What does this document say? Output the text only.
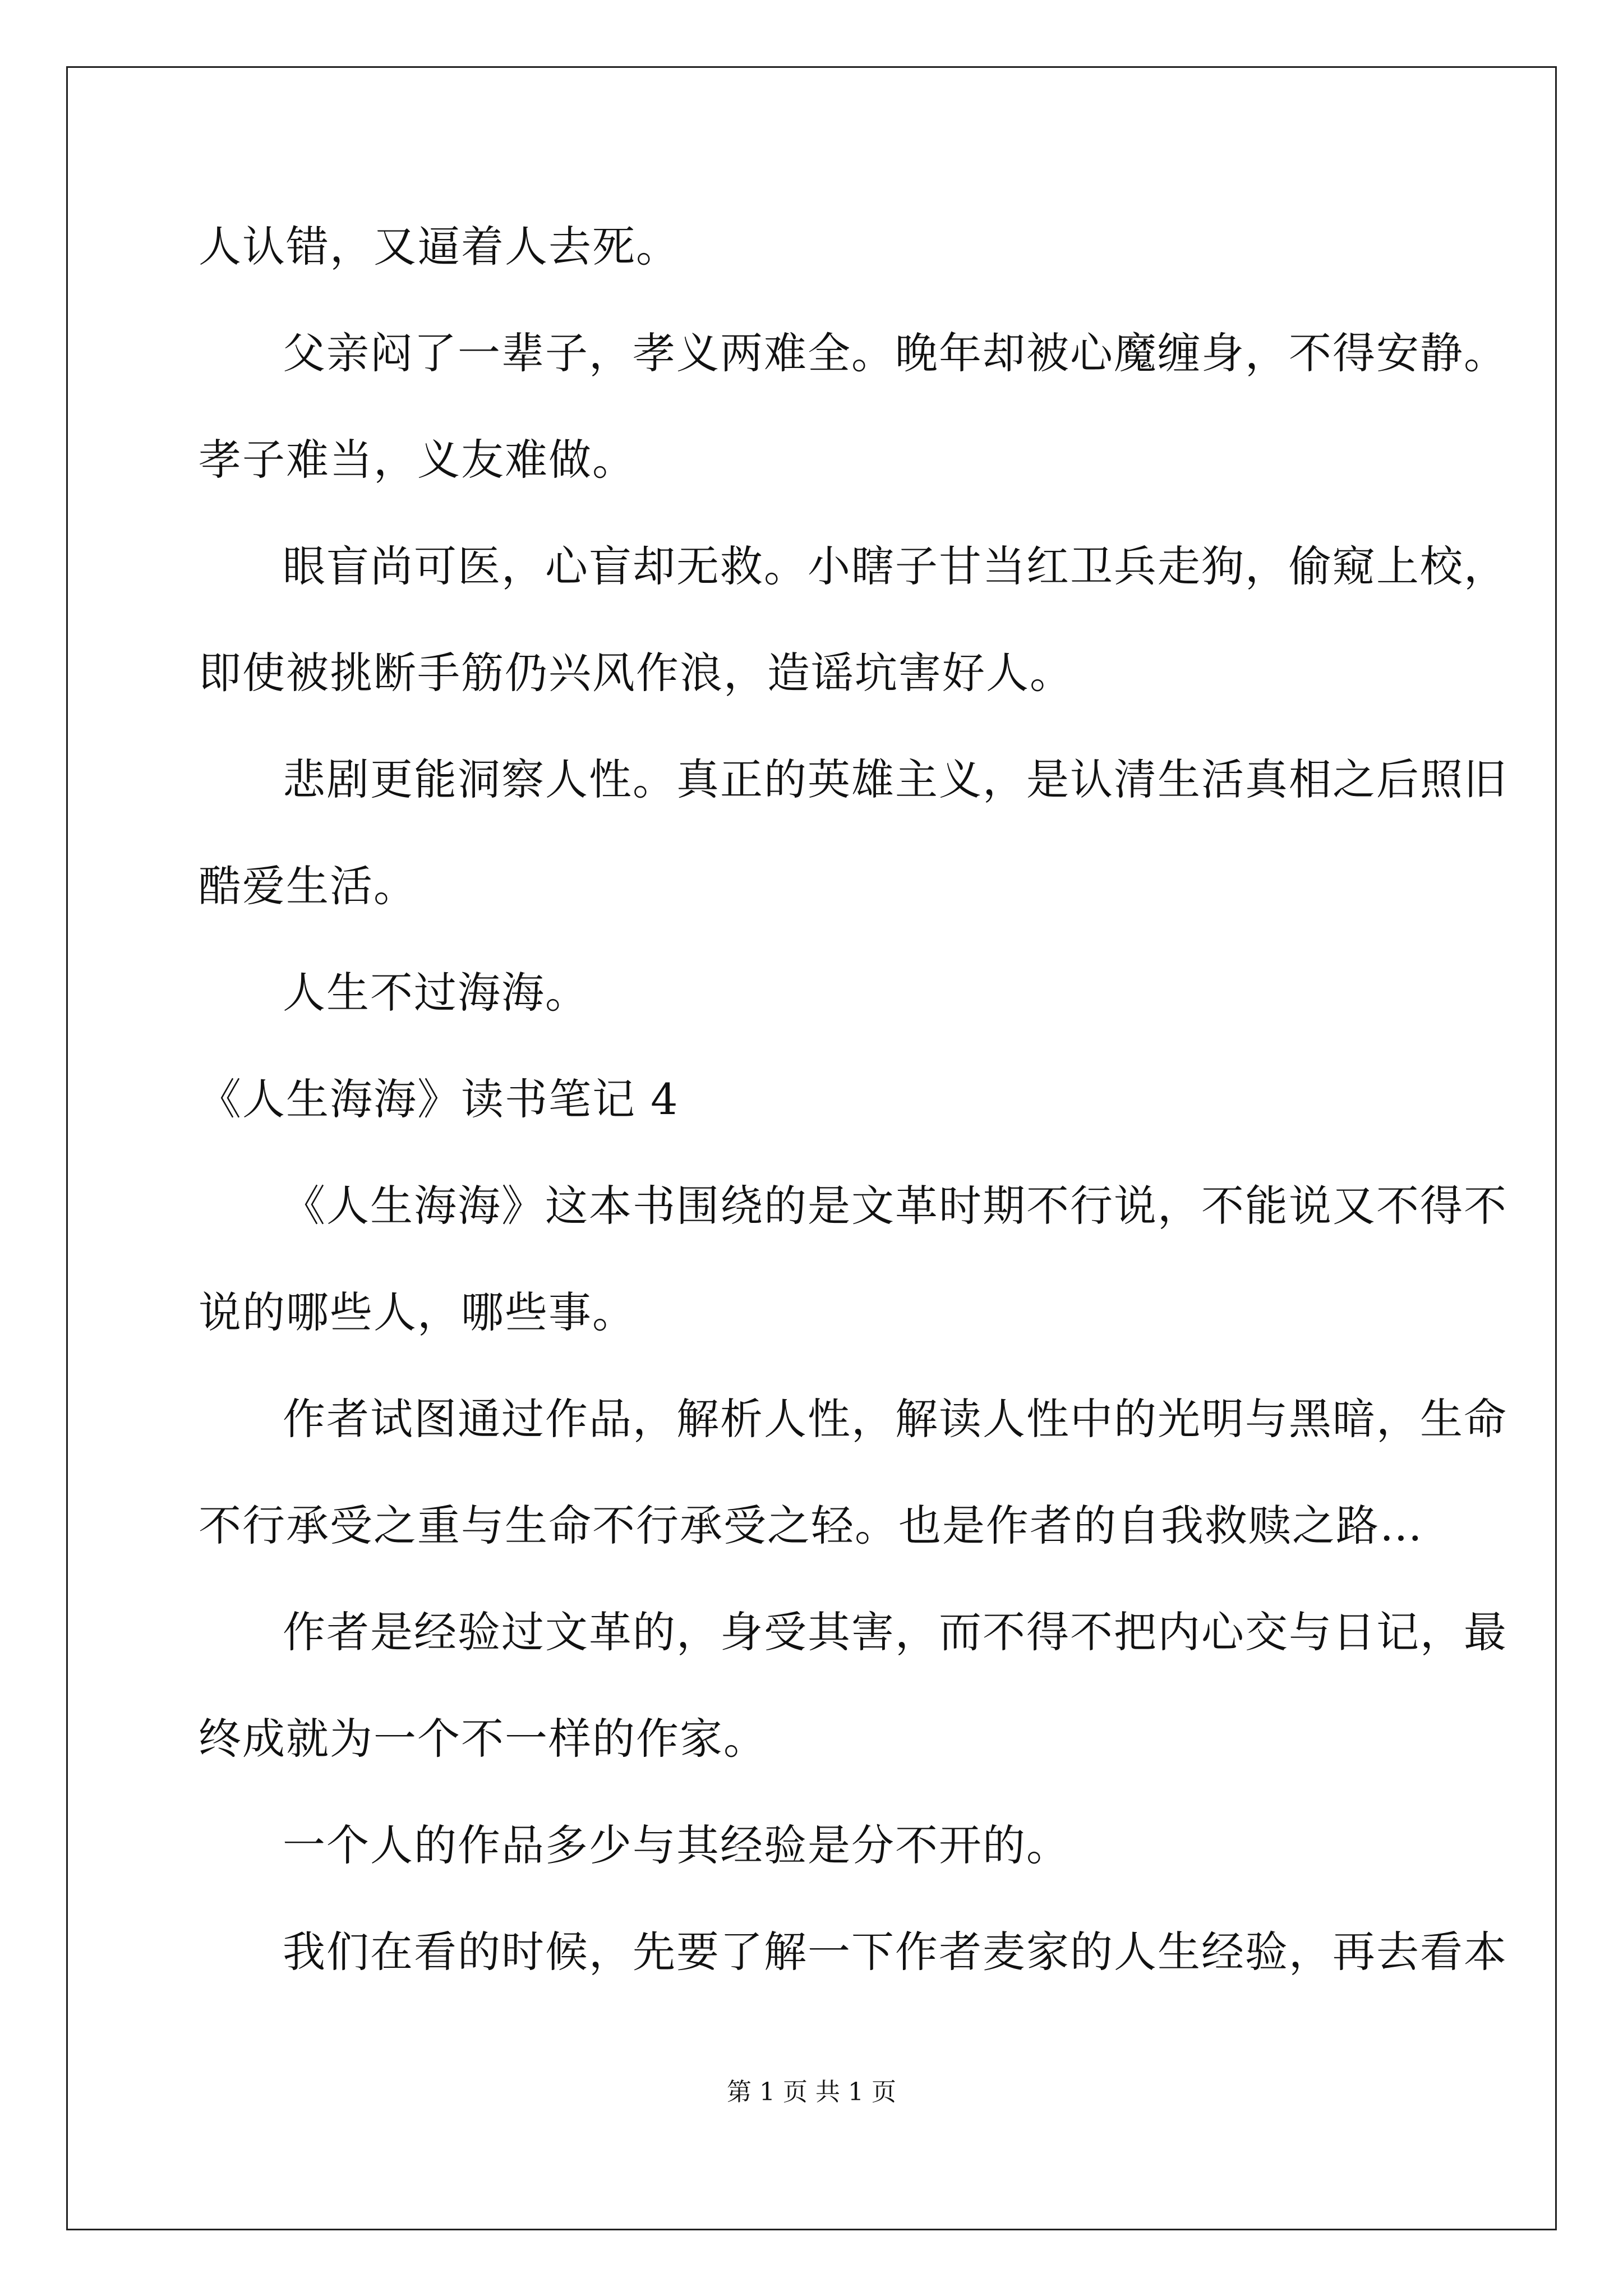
人认错，又逼着人去死。
父亲闷了一辈子，孝义两难全。晚年却被心魔缠身，不得安静。
孝子难当，义友难做。
眼盲尚可医，心盲却无救。小瞎子甘当红卫兵走狗，偷窥上校，
即使被挑断手筋仍兴风作浪，造谣坑害好人。
悲剧更能洞察人性。真正的英雄主义，是认清生活真相之后照旧
酷爱生活。
人生不过海海。
《人生海海》读书笔记 4
《人生海海》这本书围绕的是文革时期不行说，不能说又不得不
说的哪些人，哪些事。
作者试图通过作品，解析人性，解读人性中的光明与黑暗，生命
不行承受之重与生命不行承受之轻。也是作者的自我救赎之路…
作者是经验过文革的，身受其害，而不得不把内心交与日记，最
终成就为一个不一样的作家。
一个人的作品多少与其经验是分不开的。
我们在看的时候，先要了解一下作者麦家的人生经验，再去看本
第 1 页 共 1 页
